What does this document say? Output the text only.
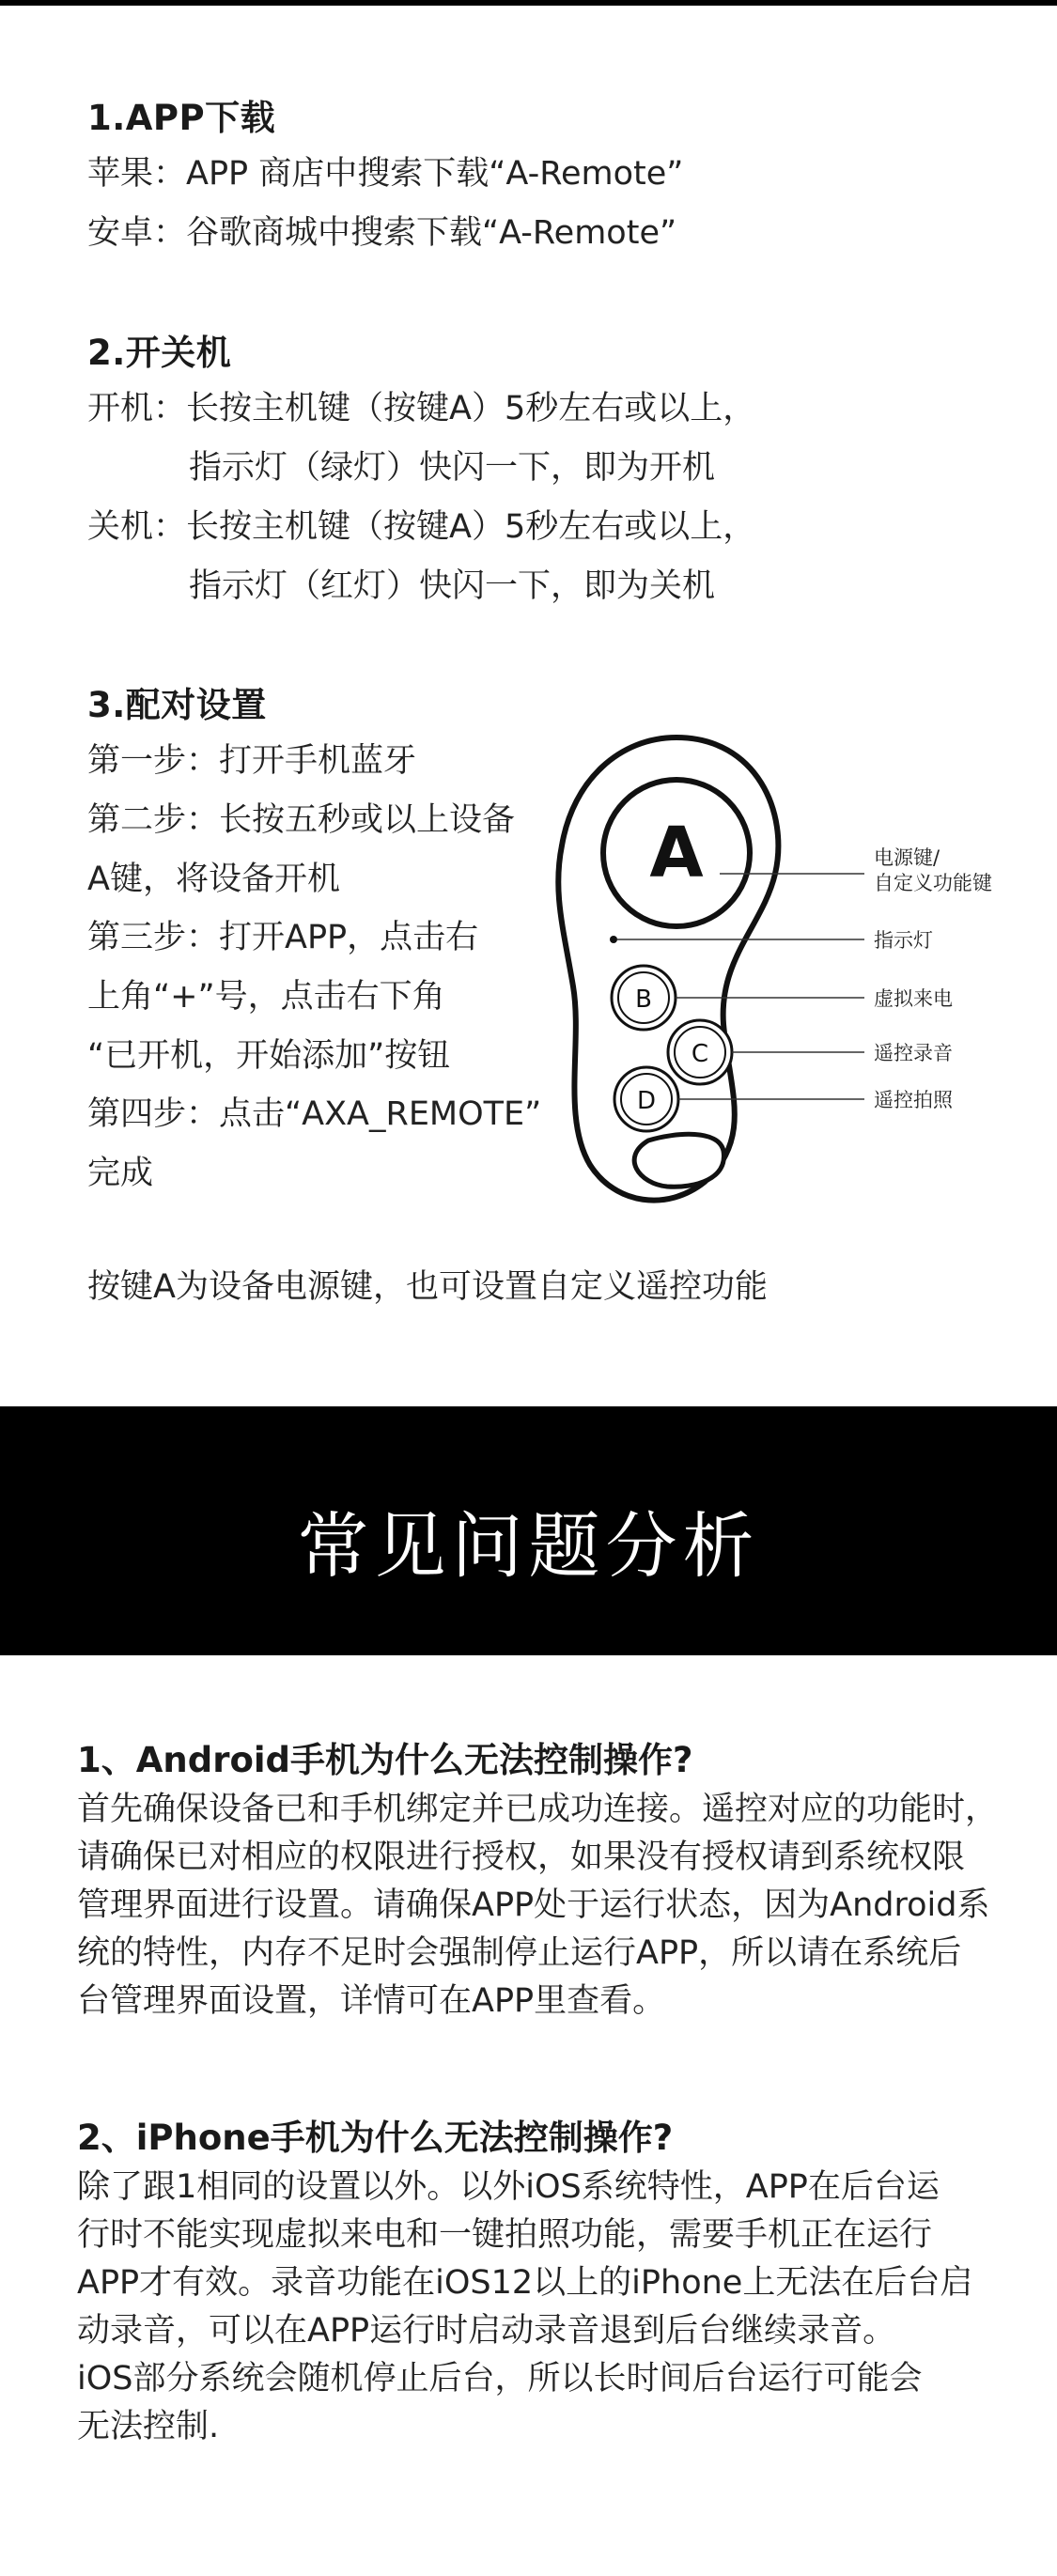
1.APP下载
苹果：APP 商店中搜索下载“A-Remote”
安卓：谷歌商城中搜索下载“A-Remote”
2.开关机
开机：长按主机键（按键A）5秒左右或以上，
指示灯（绿灯）快闪一下，即为开机
关机：长按主机键（按键A）5秒左右或以上，
指示灯（红灯）快闪一下，即为关机
3.配对设置
第一步：打开手机蓝牙
第二步：长按五秒或以上设备
A键，将设备开机
第三步：打开APP，点击右
上角“+”号，点击右下角
“已开机，开始添加”按钮
第四步：点击“AXA_REMOTE”
完成
A
B
C
D
电源键/
自定义功能键
指示灯
虚拟来电
遥控录音
遥控拍照
按键A为设备电源键，也可设置自定义遥控功能
常见问题分析
1、Android手机为什么无法控制操作?
首先确保设备已和手机绑定并已成功连接。遥控对应的功能时，
请确保已对相应的权限进行授权，如果没有授权请到系统权限
管理界面进行设置。请确保APP处于运行状态，因为Android系
统的特性，内存不足时会强制停止运行APP，所以请在系统后
台管理界面设置，详情可在APP里查看。
2、iPhone手机为什么无法控制操作?
除了跟1相同的设置以外。以外iOS系统特性，APP在后台运
行时不能实现虚拟来电和一键拍照功能，需要手机正在运行
APP才有效。录音功能在iOS12以上的iPhone上无法在后台启
动录音，可以在APP运行时启动录音退到后台继续录音。
iOS部分系统会随机停止后台，所以长时间后台运行可能会
无法控制.
